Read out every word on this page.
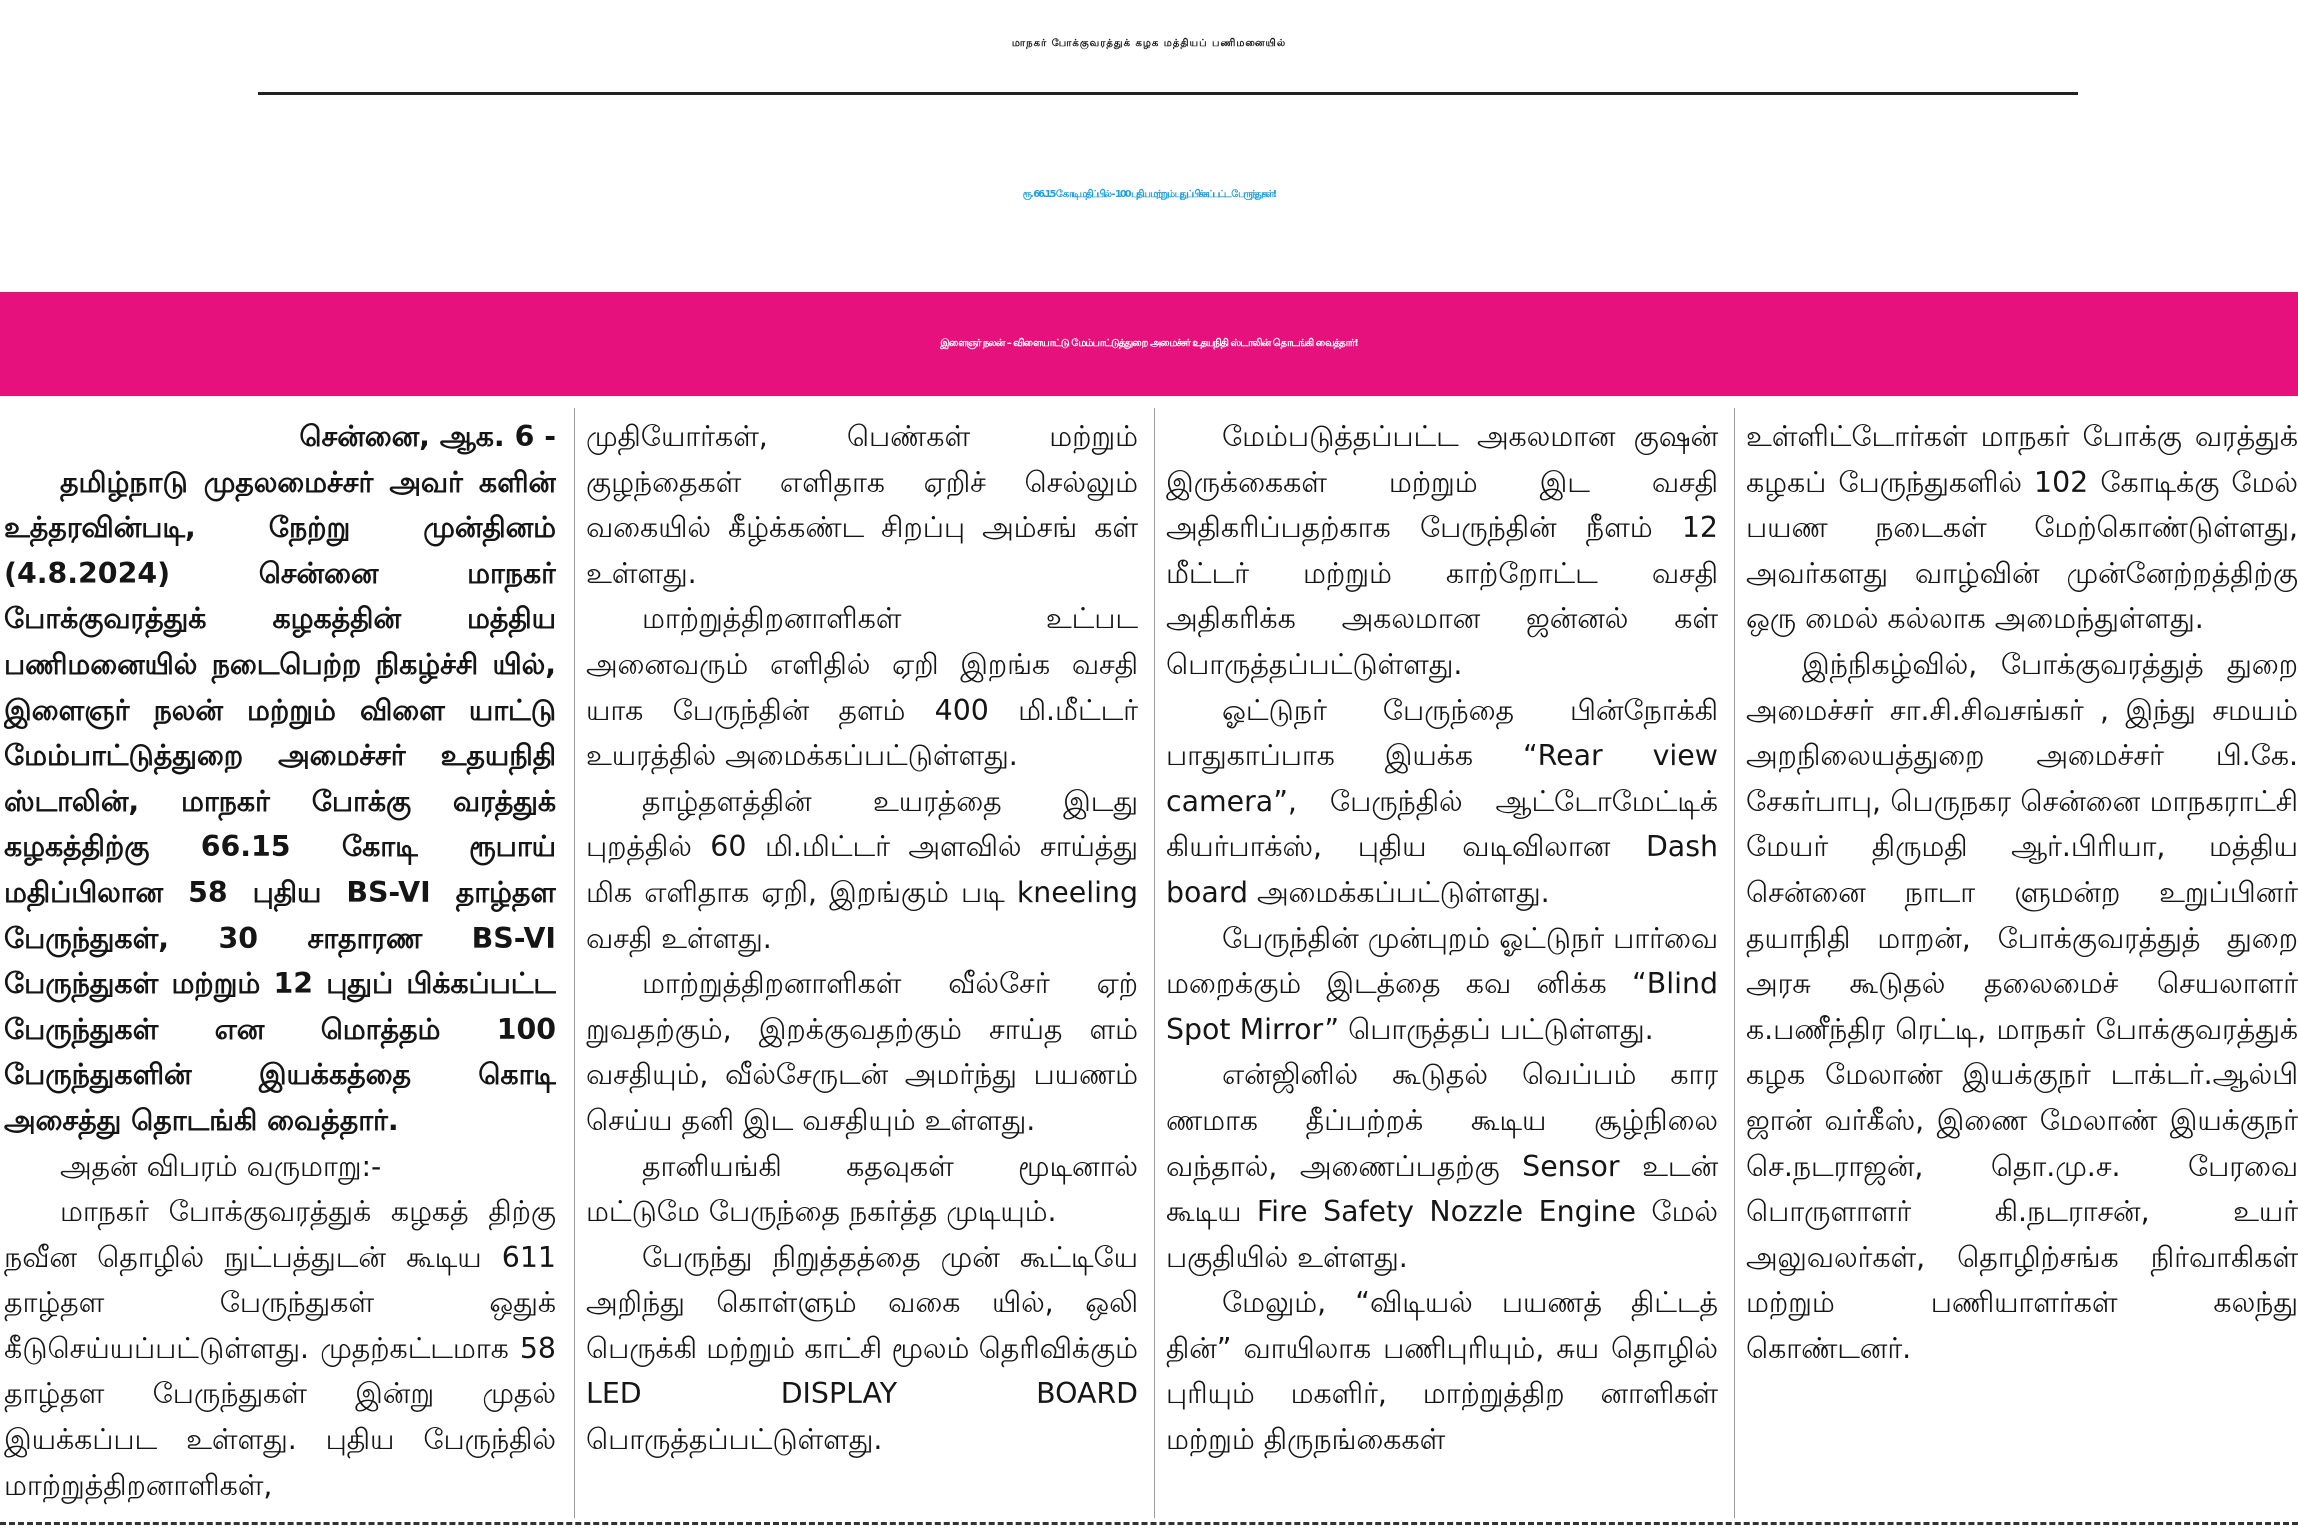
மாநகர் போக்குவரத்துக் கழக மத்தியப் பணிமனையில்
ரூ. 66.15 கோடி மதிப்பில் - 100 புதிய மற்றும் புதுப்பிக்கப்பட்ட பேருந்துகள்!
இளைஞர் நலன் – விளையாட்டு மேம்பாட்டுத்துறை அமைச்சர் உதயநிதி ஸ்டாலின் தொடங்கி வைத்தார்!

சென்னை, ஆக. 6 -

தமிழ்நாடு முதலமைச்சர் அவர் களின் உத்தரவின்படி, நேற்று முன்தினம் (4.8.2024) சென்னை மாநகர் போக்குவரத்துக் கழகத்தின் மத்திய பணிமனையில் நடைபெற்ற நிகழ்ச்சி யில், இளைஞர் நலன் மற்றும் விளை யாட்டு மேம்பாட்டுத்துறை அமைச்சர் உதயநிதி ஸ்டாலின், மாநகர் போக்கு வரத்துக் கழகத்திற்கு 66.15 கோடி ரூபாய் மதிப்பிலான 58 புதிய BS-VI தாழ்தள பேருந்துகள், 30 சாதாரண BS-VI பேருந்துகள் மற்றும் 12 புதுப் பிக்கப்பட்ட பேருந்துகள் என மொத்தம் 100 பேருந்துகளின் இயக்கத்தை கொடி அசைத்து தொடங்கி வைத்தார்.

அதன் விபரம் வருமாறு:-

மாநகர் போக்குவரத்துக் கழகத் திற்கு நவீன தொழில் நுட்பத்துடன் கூடிய 611 தாழ்தள பேருந்துகள் ஒதுக் கீடுசெய்யப்பட்டுள்ளது. முதற்கட்டமாக 58 தாழ்தள பேருந்துகள் இன்று முதல் இயக்கப்பட உள்ளது. புதிய பேருந்தில் மாற்றுத்திறனாளிகள்,

முதியோர்கள், பெண்கள் மற்றும் குழந்தைகள் எளிதாக ஏறிச் செல்லும் வகையில் கீழ்க்கண்ட சிறப்பு அம்சங் கள் உள்ளது.

மாற்றுத்திறனாளிகள் உட்பட அனைவரும் எளிதில் ஏறி இறங்க வசதி யாக பேருந்தின் தளம் 400 மி.மீட்டர் உயரத்தில் அமைக்கப்பட்டுள்ளது.

தாழ்தளத்தின் உயரத்தை இடது புறத்தில் 60 மி.மிட்டர் அளவில் சாய்த்து மிக எளிதாக ஏறி, இறங்கும் படி kneeling வசதி உள்ளது.

மாற்றுத்திறனாளிகள் வீல்சேர் ஏற் றுவதற்கும், இறக்குவதற்கும் சாய்த ளம் வசதியும், வீல்சேருடன் அமர்ந்து பயணம் செய்ய தனி இட வசதியும் உள்ளது.

தானியங்கி கதவுகள் மூடினால் மட்டுமே பேருந்தை நகர்த்த முடியும்.

பேருந்து நிறுத்தத்தை முன் கூட்டியே அறிந்து கொள்ளும் வகை யில், ஒலி பெருக்கி மற்றும் காட்சி மூலம் தெரிவிக்கும் LED DISPLAY BOARD பொருத்தப்பட்டுள்ளது.

மேம்படுத்தப்பட்ட அகலமான குஷன் இருக்கைகள் மற்றும் இட வசதி அதிகரிப்பதற்காக பேருந்தின் நீளம் 12 மீட்டர் மற்றும் காற்றோட்ட வசதி அதிகரிக்க அகலமான ஜன்னல் கள் பொருத்தப்பட்டுள்ளது.

ஓட்டுநர் பேருந்தை பின்நோக்கி பாதுகாப்பாக இயக்க “Rear view camera”, பேருந்தில் ஆட்டோமேட்டிக் கியர்பாக்ஸ், புதிய வடிவிலான Dash board அமைக்கப்பட்டுள்ளது.

பேருந்தின் முன்புறம் ஓட்டுநர் பார்வை மறைக்கும் இடத்தை கவ னிக்க “Blind Spot Mirror” பொருத்தப் பட்டுள்ளது.

என்ஜினில் கூடுதல் வெப்பம் கார ணமாக தீப்பற்றக் கூடிய சூழ்நிலை வந்தால், அணைப்பதற்கு Sensor உடன் கூடிய Fire Safety Nozzle Engine மேல் பகுதியில் உள்ளது.

மேலும், “விடியல் பயணத் திட்டத் தின்” வாயிலாக பணிபுரியும், சுய தொழில் புரியும் மகளிர், மாற்றுத்திற னாளிகள் மற்றும் திருநங்கைகள்

உள்ளிட்டோர்கள் மாநகர் போக்கு வரத்துக் கழகப் பேருந்துகளில் 102 கோடிக்கு மேல் பயண நடைகள் மேற்கொண்டுள்ளது, அவர்களது வாழ்வின் முன்னேற்றத்திற்கு ஒரு மைல் கல்லாக அமைந்துள்ளது.

இந்நிகழ்வில், போக்குவரத்துத் துறை அமைச்சர் சா.சி.சிவசங்கர் , இந்து சமயம் அறநிலையத்துறை அமைச்சர் பி.கே. சேகர்பாபு, பெருநகர சென்னை மாநகராட்சி மேயர் திருமதி ஆர்.பிரியா, மத்திய சென்னை நாடா ளுமன்ற உறுப்பினர் தயாநிதி மாறன், போக்குவரத்துத் துறை அரசு கூடுதல் தலைமைச் செயலாளர் க.பணீந்திர ரெட்டி, மாநகர் போக்குவரத்துக் கழக மேலாண் இயக்குநர் டாக்டர்.ஆல்பி ஜான் வர்கீஸ், இணை மேலாண் இயக்குநர் செ.நடராஜன், தொ.மு.ச. பேரவை பொருளாளர் கி.நடராசன், உயர் அலுவலர்கள், தொழிற்சங்க நிர்வாகிகள் மற்றும் பணியாளர்கள் கலந்து கொண்டனர்.
